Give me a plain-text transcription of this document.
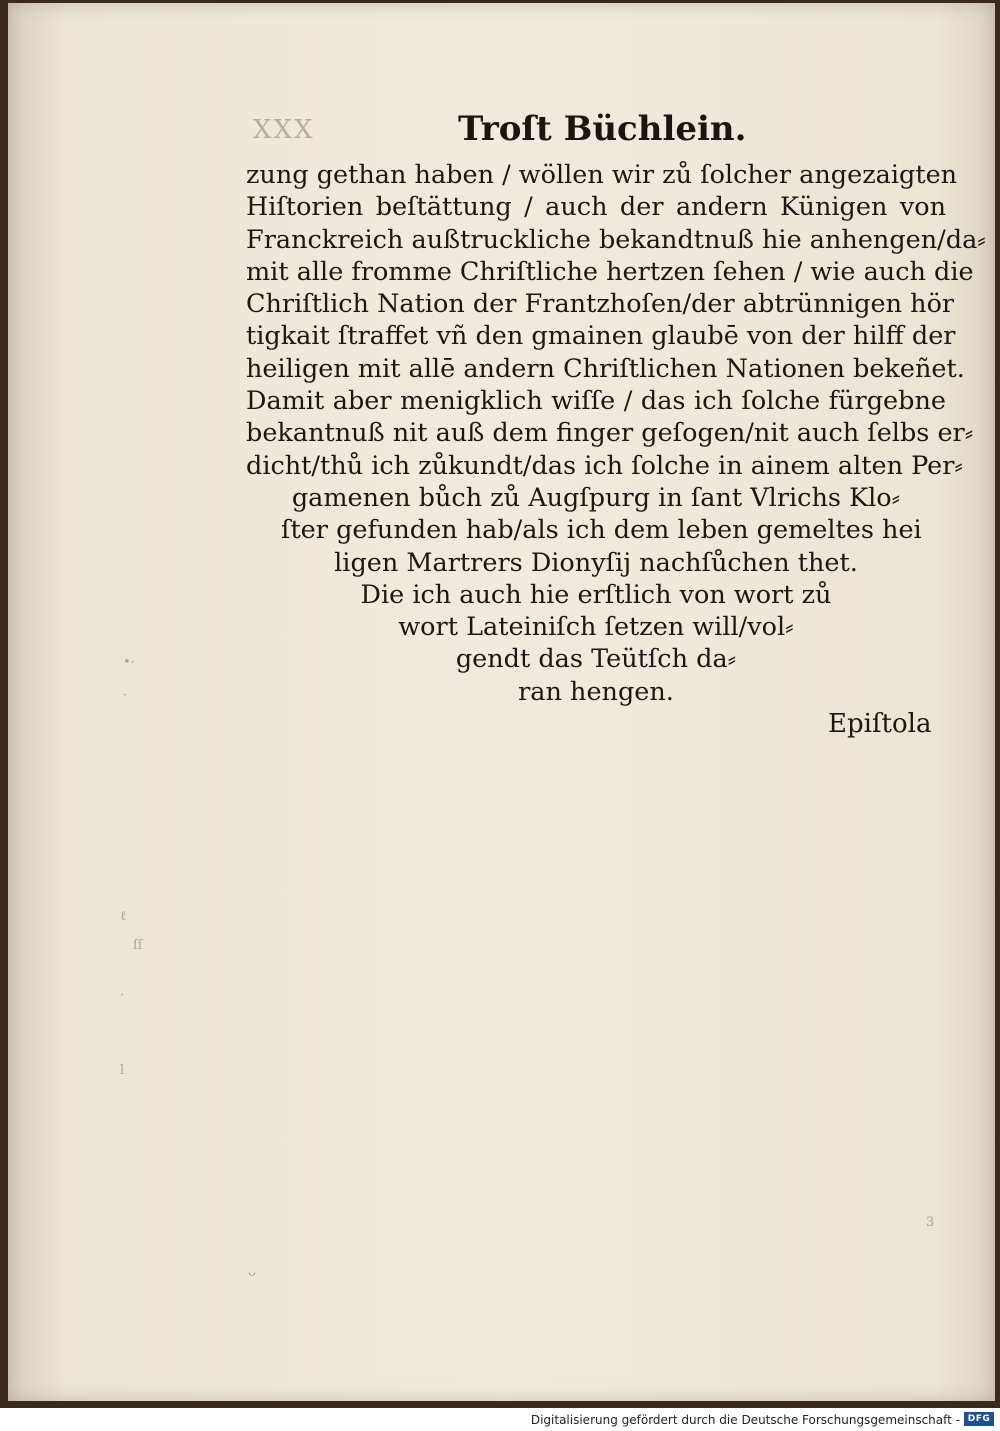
•·
·
ℓ
ſſ
·
l
ᴗ
3
XXX	Troſt Büchlein.
zung gethan haben / wöllen wir zů ſolcher angezaigten
Hiſtorien beſtättung / auch der andern Künigen von
Franckreich außtruckliche bekandtnuß hie anhengen/da⸗
mit alle fromme Chriſtliche hertzen ſehen / wie auch die
Chriſtlich Nation der Frantzhoſen/der abtrünnigen hör
tigkait ſtraffet vñ den gmainen glaubē von der hilff der
heiligen mit allē andern Chriſtlichen Nationen bekeñet.
Damit aber menigklich wiſſe / das ich ſolche fürgebne
bekantnuß nit auß dem finger geſogen/nit auch ſelbs er⸗
dicht/thů ich zůkundt/das ich ſolche in ainem alten Per⸗
gamenen bůch zů Augſpurg in ſant Vlrichs Klo⸗
ſter gefunden hab/als ich dem leben gemeltes hei
ligen Martrers Dionyſij nachſůchen thet.
Die ich auch hie erſtlich von wort zů
wort Lateiniſch ſetzen will/vol⸗
gendt das Teütſch da⸗
ran hengen.
Epiſtola
Digitalisierung gefördert durch die Deutsche Forschungsgemeinschaft - DFG
